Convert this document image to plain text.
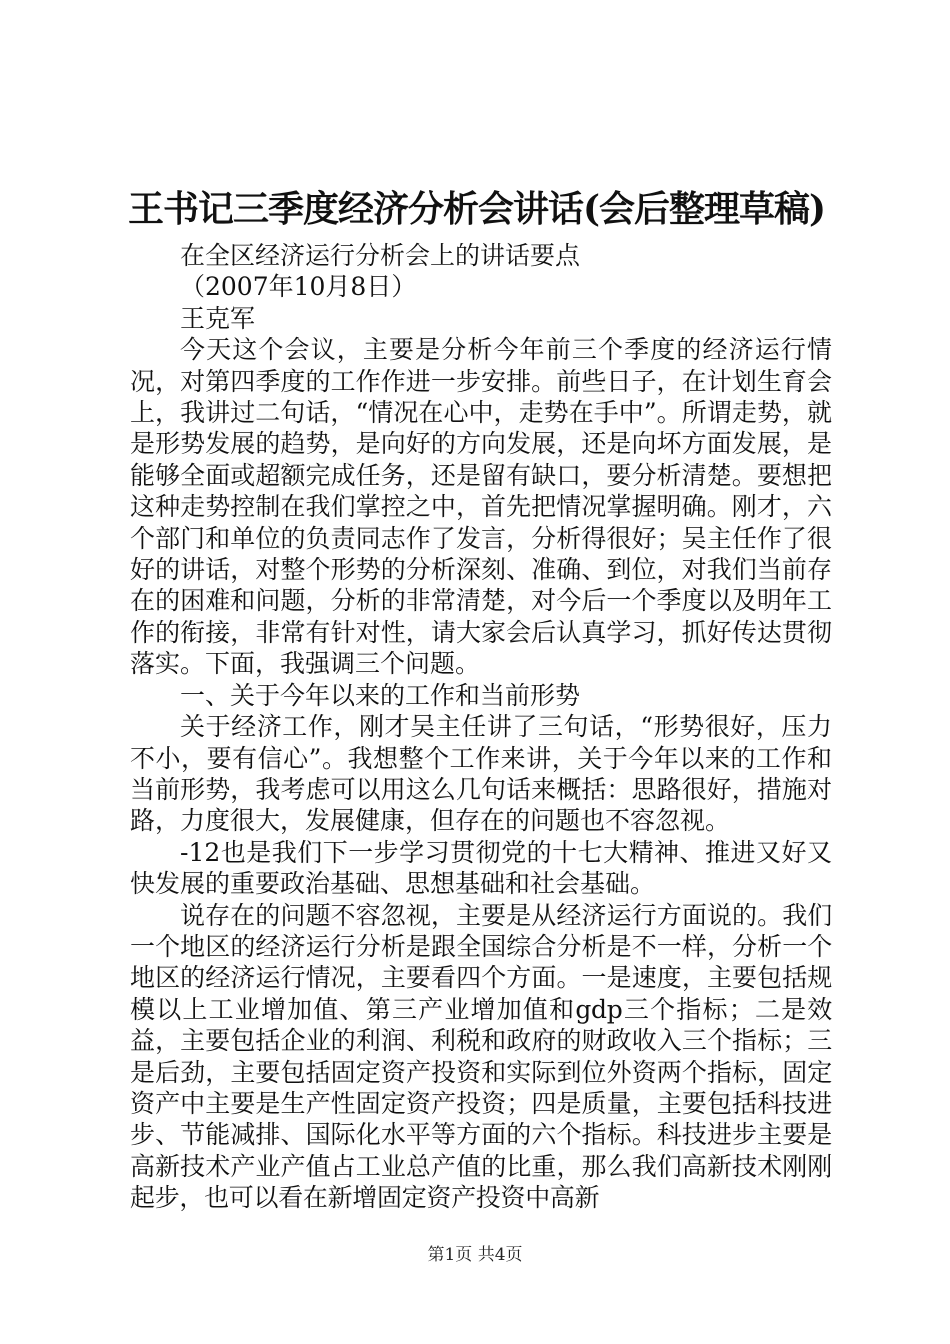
王书记三季度经济分析会讲话(会后整理草稿)

在全区经济运行分析会上的讲话要点

（2007年10月8日）

王克军

今天这个会议，主要是分析今年前三个季度的经济运行情况，对第四季度的工作作进一步安排。前些日子，在计划生育会上，我讲过二句话，“情况在心中，走势在手中”。所谓走势，就是形势发展的趋势，是向好的方向发展，还是向坏方面发展，是能够全面或超额完成任务，还是留有缺口，要分析清楚。要想把这种走势控制在我们掌控之中，首先把情况掌握明确。刚才，六个部门和单位的负责同志作了发言，分析得很好；吴主任作了很好的讲话，对整个形势的分析深刻、准确、到位，对我们当前存在的困难和问题，分析的非常清楚，对今后一个季度以及明年工作的衔接，非常有针对性，请大家会后认真学习，抓好传达贯彻落实。下面，我强调三个问题。

一、关于今年以来的工作和当前形势

关于经济工作，刚才吴主任讲了三句话，“形势很好，压力不小，要有信心”。我想整个工作来讲，关于今年以来的工作和当前形势，我考虑可以用这么几句话来概括：思路很好，措施对路，力度很大，发展健康，但存在的问题也不容忽视。

-12也是我们下一步学习贯彻党的十七大精神、推进又好又快发展的重要政治基础、思想基础和社会基础。

说存在的问题不容忽视，主要是从经济运行方面说的。我们一个地区的经济运行分析是跟全国综合分析是不一样，分析一个地区的经济运行情况，主要看四个方面。一是速度，主要包括规模以上工业增加值、第三产业增加值和gdp三个指标；二是效益，主要包括企业的利润、利税和政府的财政收入三个指标；三是后劲，主要包括固定资产投资和实际到位外资两个指标，固定资产中主要是生产性固定资产投资；四是质量，主要包括科技进步、节能减排、国际化水平等方面的六个指标。科技进步主要是高新技术产业产值占工业总产值的比重，那么我们高新技术刚刚起步，也可以看在新增固定资产投资中高新

第1页 共4页
